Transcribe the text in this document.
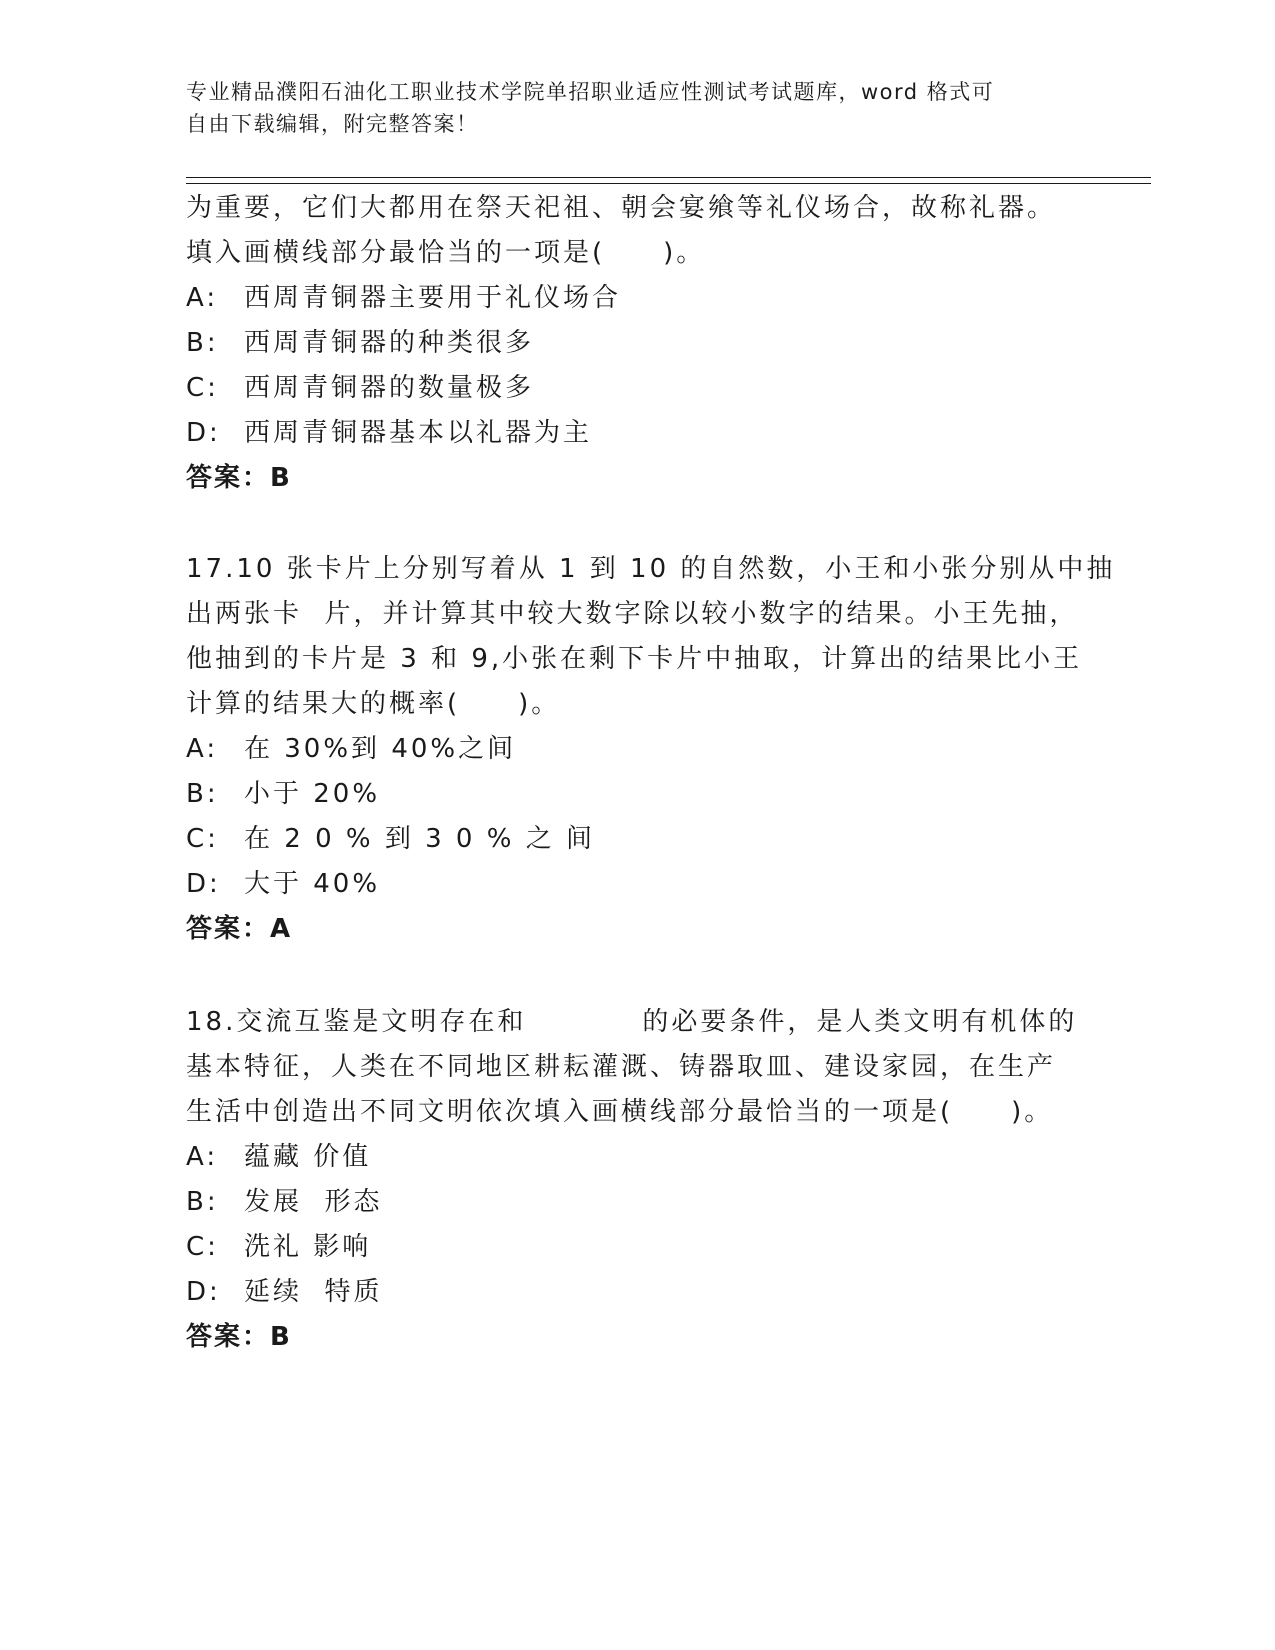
专业精品濮阳石油化工职业技术学院单招职业适应性测试考试题库，word 格式可
自由下载编辑，附完整答案！
为重要，它们大都用在祭天祀祖、朝会宴飨等礼仪场合，故称礼器。
填入画横线部分最恰当的一项是(　　)。
A: 西周青铜器主要用于礼仪场合
B: 西周青铜器的种类很多
C: 西周青铜器的数量极多
D: 西周青铜器基本以礼器为主
答案：B
17.10 张卡片上分别写着从 1 到 10 的自然数，小王和小张分别从中抽
出两张卡  片，并计算其中较大数字除以较小数字的结果。小王先抽，
他抽到的卡片是 3 和 9,小张在剩下卡片中抽取，计算出的结果比小王
计算的结果大的概率(　　)。
A: 在 30%到 40%之间
B: 小于 20%
C: 在 2 0 % 到 3 0 % 之 间
D: 大于 40%
答案：A
18.交流互鉴是文明存在和　　　　的必要条件，是人类文明有机体的
基本特征，人类在不同地区耕耘灌溉、铸器取皿、建设家园，在生产
生活中创造出不同文明依次填入画横线部分最恰当的一项是(　　)。
A: 蕴藏 价值
B: 发展  形态
C: 洗礼 影响
D: 延续  特质
答案：B
